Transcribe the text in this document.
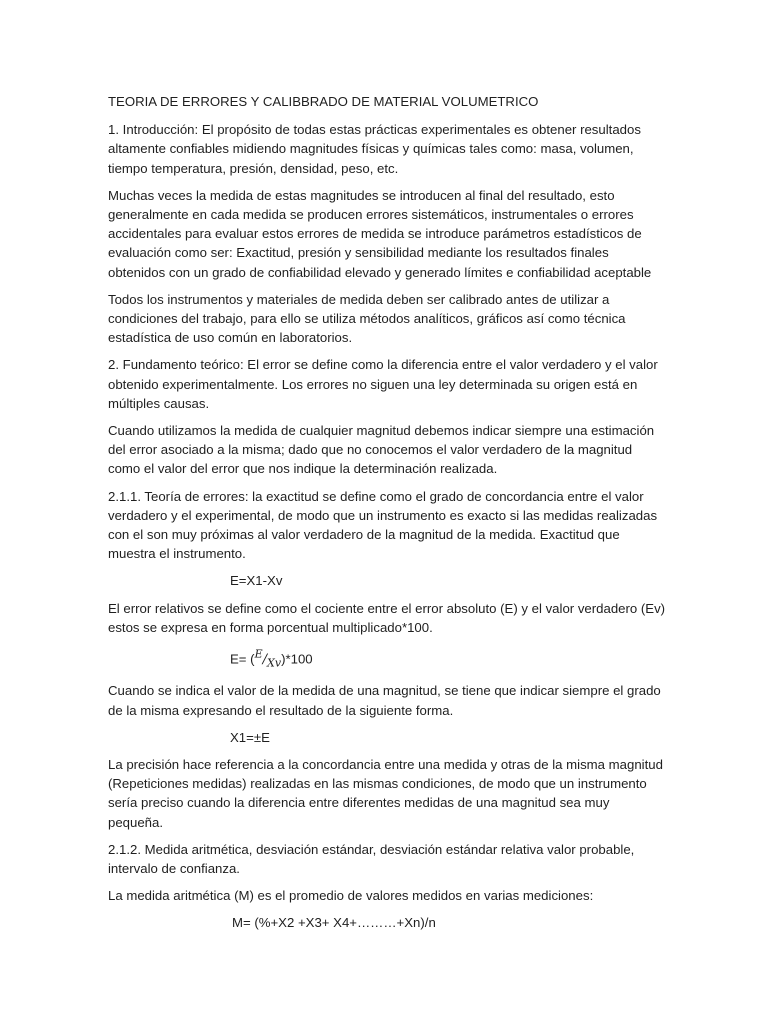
TEORIA DE ERRORES Y CALIBBRADO DE MATERIAL VOLUMETRICO

1. Introducción: El propósito de todas estas prácticas experimentales es obtener resultados altamente confiables midiendo magnitudes físicas y químicas tales como: masa, volumen, tiempo temperatura, presión, densidad, peso, etc.

Muchas veces la medida de estas magnitudes se introducen al final del resultado, esto generalmente en cada medida se producen errores sistemáticos, instrumentales o errores accidentales para evaluar estos errores de medida se introduce parámetros estadísticos de evaluación como ser: Exactitud, presión y sensibilidad mediante los resultados finales obtenidos con un grado de confiabilidad elevado y generado límites e confiabilidad aceptable

Todos los instrumentos y materiales de medida deben ser calibrado antes de utilizar a condiciones del trabajo, para ello se utiliza métodos analíticos, gráficos así como técnica estadística de uso común en laboratorios.

2. Fundamento teórico: El error se define como la diferencia entre el valor verdadero y el valor obtenido experimentalmente. Los errores no siguen una ley determinada su origen está en múltiples causas.

Cuando utilizamos la medida de cualquier magnitud debemos indicar siempre una estimación del error asociado a la misma; dado que no conocemos el valor verdadero de la magnitud como el valor del error que nos indique la determinación realizada.

2.1.1. Teoría de errores: la exactitud se define como el grado de concordancia entre el valor verdadero y el experimental, de modo que un instrumento es exacto si las medidas realizadas con el son muy próximas al valor verdadero de la magnitud de la medida. Exactitud que muestra el instrumento.

E=X1-Xv

El error relativos se define como el cociente entre el error absoluto (E) y el valor verdadero (Ev) estos se expresa en forma porcentual multiplicado*100.

$E= (^E/_{Xv})*100$

Cuando se indica el valor de la medida de una magnitud, se tiene que indicar siempre el grado de la misma expresando el resultado de la siguiente forma.

X1=±E

La precisión hace referencia a la concordancia entre una medida y otras de la misma magnitud (Repeticiones medidas) realizadas en las mismas condiciones, de modo que un instrumento sería preciso cuando la diferencia entre diferentes medidas de una magnitud sea muy pequeña.

2.1.2. Medida aritmética, desviación estándar, desviación estándar relativa valor probable, intervalo de confianza.

La medida aritmética (M) es el promedio de valores medidos en varias mediciones:

M= (%+X2 +X3+ X4+………+Xn)/n
